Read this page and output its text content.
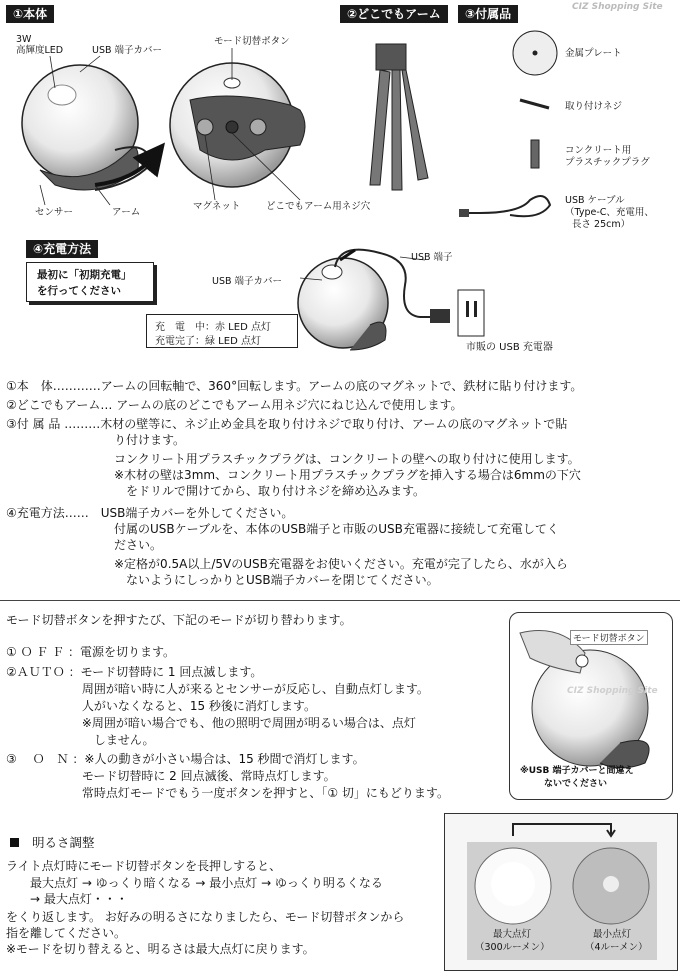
CIZ Shopping Site
①本体	②どこでもアーム	③付属品
④充電方法
3W
高輝度LED	USB 端子カバー
モード切替ボタン
センサー	アーム
マグネット	どこでもアーム用ネジ穴
金属プレート
取り付けネジ
コンクリート用
プラスチックプラグ
USB ケーブル
（Type-C、充電用、
長さ 25cm）
最初に「初期充電」
を行ってください
USB 端子
USB 端子カバー
充　電　中：赤 LED 点灯
充電完了：緑 LED 点灯
市販の USB 充電器
①本　体…………アームの回転軸で、360°回転します。アームの底のマグネットで、鉄材に貼り付けます。
②どこでもアーム… アームの底のどこでもアーム用ネジ穴にねじ込んで使用します。
③付 属 品 ………木材の壁等に、ネジ止め金具を取り付けネジで取り付け、アームの底のマグネットで貼
　　　　　　　　　り付けます。
　　　　　　　　　コンクリート用プラスチックプラグは、コンクリートの壁への取り付けに使用します。
　　　　　　　　　※木材の壁は3mm、コンクリート用プラスチックプラグを挿入する場合は6mmの下穴
　　　　　　　　　　をドリルで開けてから、取り付けネジを締め込みます。
④充電方法……　USB端子カバーを外してください。
　　　　　　　　　付属のUSBケーブルを、本体のUSB端子と市販のUSB充電器に接続して充電してく
　　　　　　　　　ださい。
　　　　　　　　　※定格が0.5A以上/5VのUSB充電器をお使いください。充電が完了したら、水が入ら
　　　　　　　　　　ないようにしっかりとUSB端子カバーを閉じてください。
モード切替ボタンを押すたび、下記のモードが切り替わります。
① Ｏ Ｆ Ｆ ：電源を切ります。
②ＡＵＴＯ ：モード切替時に 1 回点滅します。
　　　　　　 周囲が暗い時に人が来るとセンサーが反応し、自動点灯します。
　　　　　　 人がいなくなると、15 秒後に消灯します。
　　　　　　 ※周囲が暗い場合でも、他の照明で周囲が明るい場合は、点灯
　　　　　　 　しません。
③ 　Ｏ　Ｎ ：※人の動きが小さい場合は、15 秒間で消灯します。
　　　　　　 モード切替時に 2 回点滅後、常時点灯します。
　　　　　　 常時点灯モードでもう一度ボタンを押すと、「① 切」にもどります。
モード切替ボタン
CIZ Shopping Site
※USB 端子カバーと間違え
ないでください
明るさ調整
ライト点灯時にモード切替ボタンを長押しすると、
　　最大点灯 → ゆっくり暗くなる → 最小点灯 → ゆっくり明るくなる
　　→ 最大点灯・・・
をくり返します。 お好みの明るさになりましたら、モード切替ボタンから
指を離してください。
※モードを切り替えると、明るさは最大点灯に戻ります。
最大点灯
（300ルーメン）
最小点灯
（4ルーメン）
